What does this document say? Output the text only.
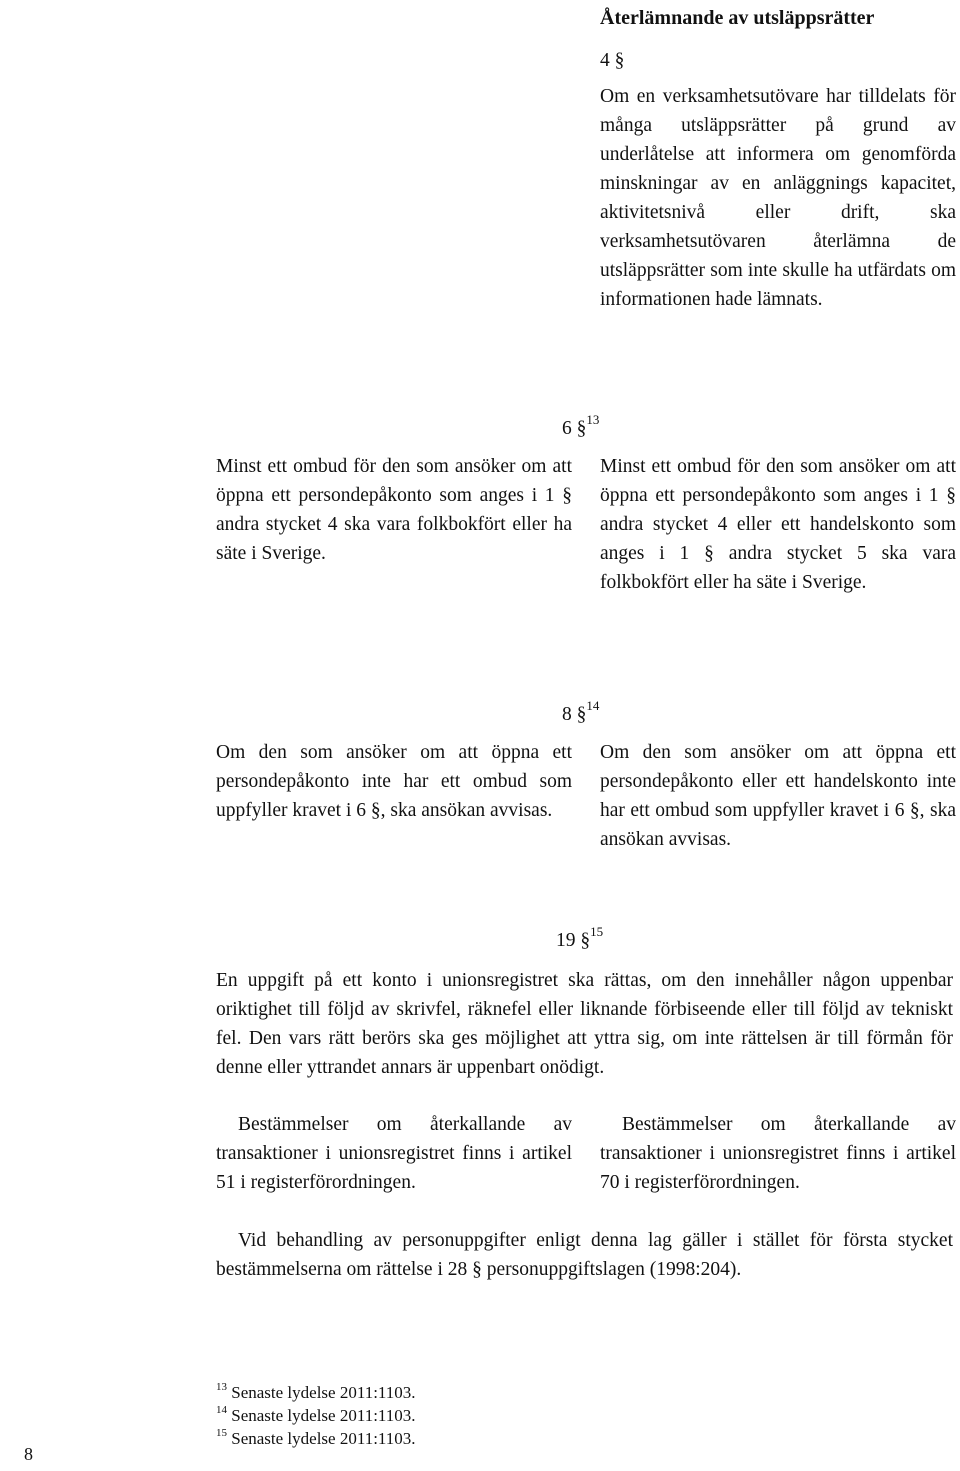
Återlämnande av utsläppsrätter
4 §

Om en verksamhetsutövare har tilldelats för många utsläppsrätter på grund av underlåtelse att informera om genomförda minskningar av en anläggnings kapacitet, aktivitetsnivå eller drift, ska verksamhetsutövaren återlämna de utsläppsrätter som inte skulle ha utfärdats om informationen hade lämnats.

6 §$^{13}$

Minst ett ombud för den som ansöker om att öppna ett persondepåkonto som anges i 1 § andra stycket 4 ska vara folkbokfört eller ha säte i Sverige.

Minst ett ombud för den som ansöker om att öppna ett persondepåkonto som anges i 1 § andra stycket 4 eller ett handelskonto som anges i 1 § andra stycket 5 ska vara folkbokfört eller ha säte i Sverige.

8 §$^{14}$

Om den som ansöker om att öppna ett persondepåkonto inte har ett ombud som uppfyller kravet i 6 §, ska ansökan avvisas.

Om den som ansöker om att öppna ett persondepåkonto eller ett handelskonto inte har ett ombud som uppfyller kravet i 6 §, ska ansökan avvisas.

19 §$^{15}$

En uppgift på ett konto i unionsregistret ska rättas, om den innehåller någon uppenbar oriktighet till följd av skrivfel, räknefel eller liknande förbiseende eller till följd av tekniskt fel. Den vars rätt berörs ska ges möjlighet att yttra sig, om inte rättelsen är till förmån för denne eller yttrandet annars är uppenbart onödigt.

Bestämmelser om återkallande av transaktioner i unionsregistret finns i artikel 51 i registerförordningen.

Bestämmelser om återkallande av transaktioner i unionsregistret finns i artikel 70 i registerförordningen.

Vid behandling av personuppgifter enligt denna lag gäller i stället för första stycket bestämmelserna om rättelse i 28 § personuppgiftslagen (1998:204).

$^{13}$ Senaste lydelse 2011:1103.
$^{14}$ Senaste lydelse 2011:1103.
$^{15}$ Senaste lydelse 2011:1103.
8
